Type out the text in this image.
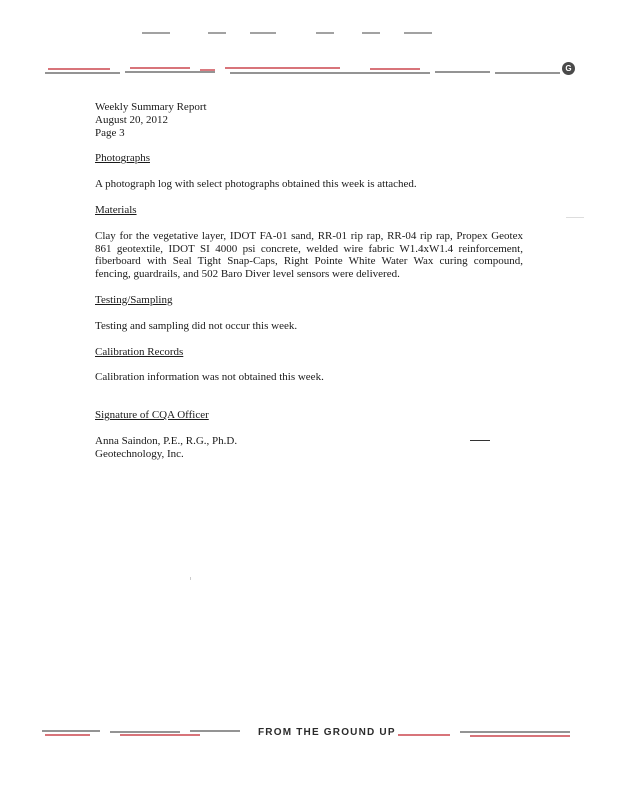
G
Weekly Summary Report
August 20, 2012
Page 3
Photographs
A photograph log with select photographs obtained this week is attached.
Materials
Clay for the vegetative layer, IDOT FA-01 sand, RR-01 rip rap, RR-04 rip rap, Propex Geotex 861 geotextile, IDOT SI 4000 psi concrete, welded wire fabric W1.4xW1.4 reinforcement, fiberboard with Seal Tight Snap-Caps, Right Pointe White Water Wax curing compound, fencing, guardrails, and 502 Baro Diver level sensors were delivered.
Testing/Sampling
Testing and sampling did not occur this week.
Calibration Records
Calibration information was not obtained this week.
Signature of CQA Officer
Anna Saindon, P.E., R.G., Ph.D.
Geotechnology, Inc.
FROM THE GROUND UP
